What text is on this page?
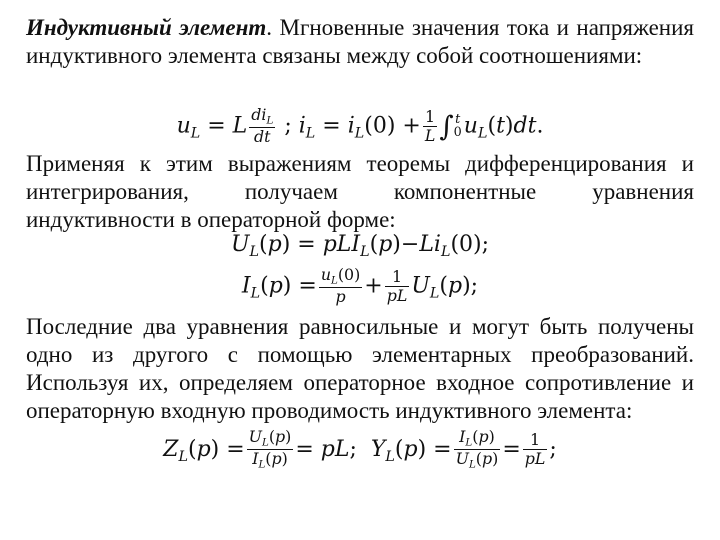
Индуктивный элемент. Мгновенные значения тока и напряжения индуктивного элемента связаны между собой соотношениями:
$u_L = L \frac{di_L}{dt}$ ; $i_L = i_L(0) + \frac{1}{L}$ ∫ t
0 $u_L(t)dt$.
Применяя к этим выражениям теоремы дифференцирования и интегрирования, получаем компонентные уравнения индуктивности в операторной форме:
$U_L(p) = pLI_L(p)-Li_L(0)$;
$I_L(p) = \frac{u_L(0)}{p} + \frac{1}{pL} U_L(p)$;
Последние два уравнения равносильные и могут быть получены одно из другого с помощью элементарных преобразований. Используя их, определяем операторное входное сопротивление и операторную входную проводимость индуктивного элемента:
$Z_L(p) = \frac{U_L(p)}{I_L(p)}$ = pL;  $Y_L(p) = \frac{I_L(p)}{U_L(p)} = \frac{1}{pL}$ ;
